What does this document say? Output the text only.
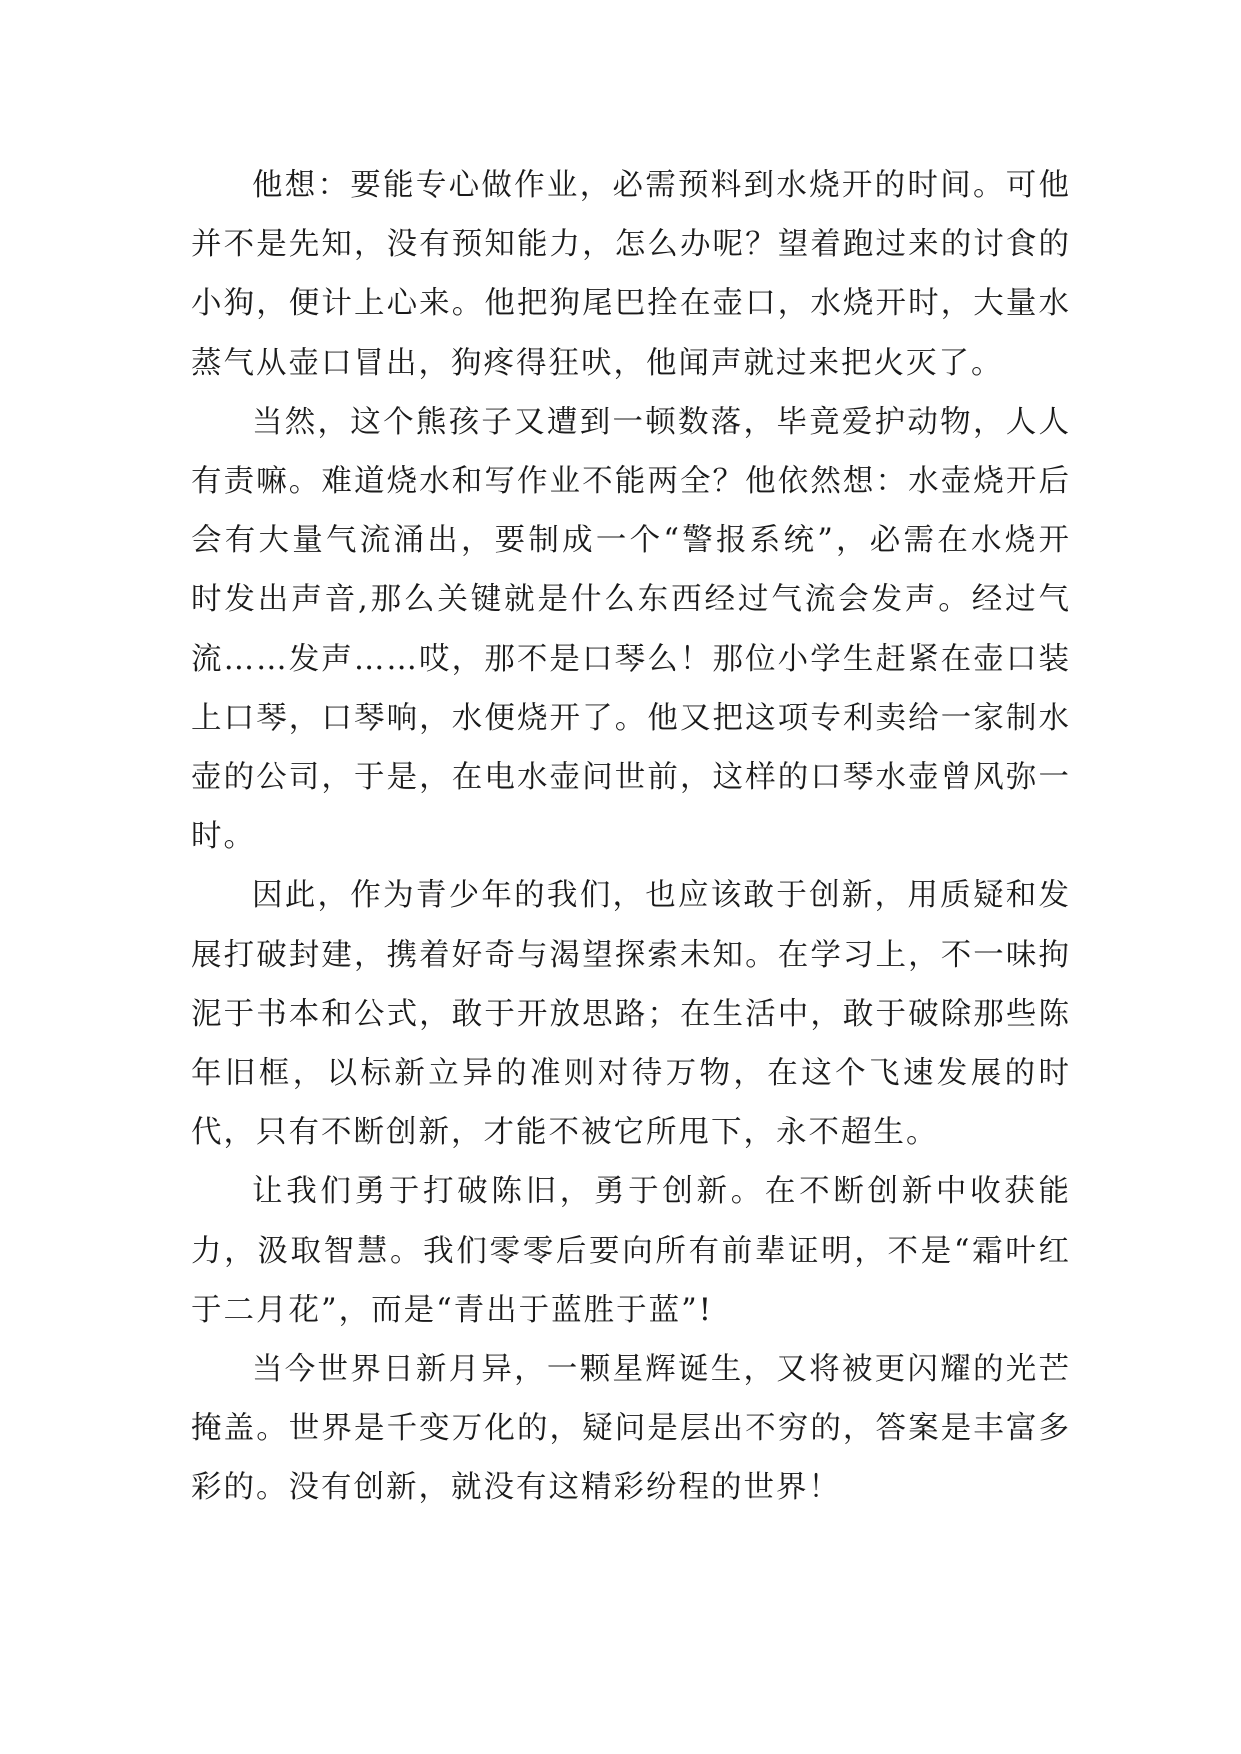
他想：要能专心做作业，必需预料到水烧开的时间。可他并不是先知，没有预知能力，怎么办呢？望着跑过来的讨食的小狗，便计上心来。他把狗尾巴拴在壶口，水烧开时，大量水蒸气从壶口冒出，狗疼得狂吠，他闻声就过来把火灭了。

当然，这个熊孩子又遭到一顿数落，毕竟爱护动物，人人有责嘛。难道烧水和写作业不能两全？他依然想：水壶烧开后会有大量气流涌出，要制成一个“警报系统”，必需在水烧开时发出声音,那么关键就是什么东西经过气流会发声。经过气流……发声……哎，那不是口琴么！那位小学生赶紧在壶口装上口琴，口琴响，水便烧开了。他又把这项专利卖给一家制水壶的公司，于是，在电水壶问世前，这样的口琴水壶曾风弥一时。

因此，作为青少年的我们，也应该敢于创新，用质疑和发展打破封建，携着好奇与渴望探索未知。在学习上，不一味拘泥于书本和公式，敢于开放思路；在生活中，敢于破除那些陈年旧框，以标新立异的准则对待万物，在这个飞速发展的时代，只有不断创新，才能不被它所甩下，永不超生。

让我们勇于打破陈旧，勇于创新。在不断创新中收获能力，汲取智慧。我们零零后要向所有前辈证明，不是“霜叶红于二月花”，而是“青出于蓝胜于蓝”!

当今世界日新月异，一颗星辉诞生，又将被更闪耀的光芒掩盖。世界是千变万化的，疑问是层出不穷的，答案是丰富多彩的。没有创新，就没有这精彩纷程的世界！
